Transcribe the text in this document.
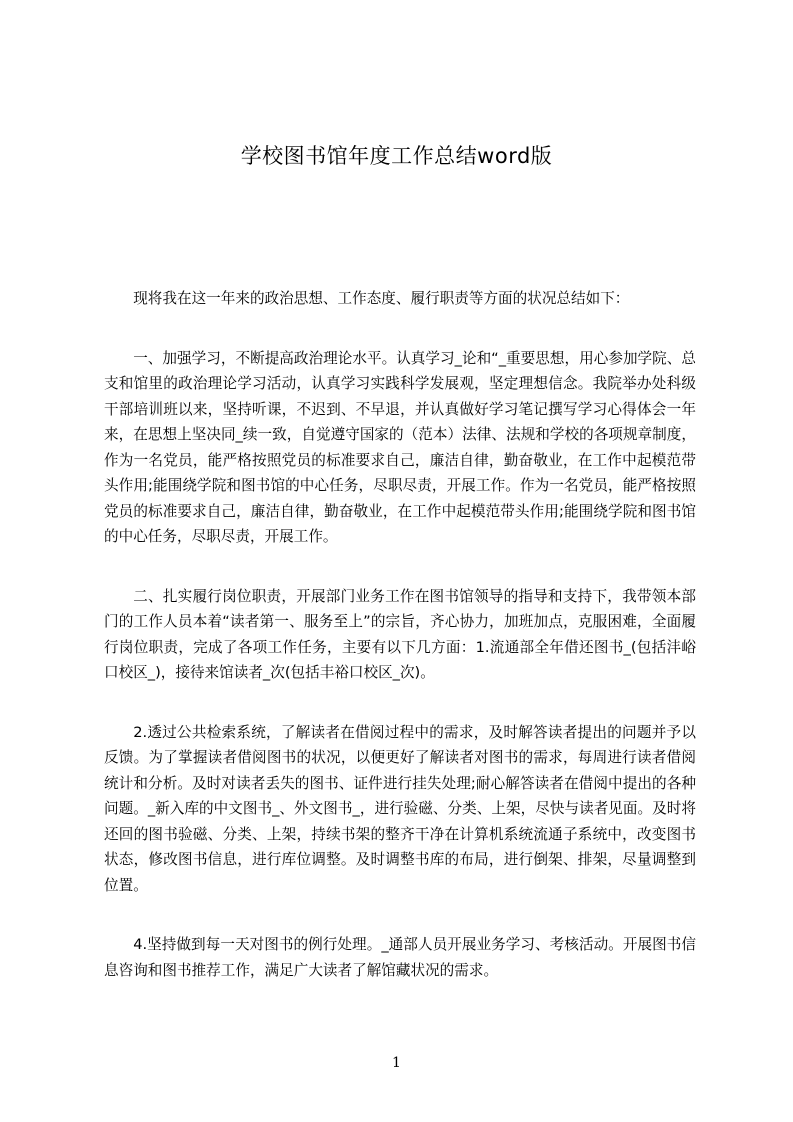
学校图书馆年度工作总结word版

现将我在这一年来的政治思想、工作态度、履行职责等方面的状况总结如下：

一、加强学习，不断提高政治理论水平。认真学习_论和“_重要思想，用心参加学院、总支和馆里的政治理论学习活动，认真学习实践科学发展观，坚定理想信念。我院举办处科级干部培训班以来，坚持听课，不迟到、不早退，并认真做好学习笔记撰写学习心得体会一年来，在思想上坚决同_续一致，自觉遵守国家的（范本）法律、法规和学校的各项规章制度，作为一名党员，能严格按照党员的标准要求自己，廉洁自律，勤奋敬业，在工作中起模范带头作用;能围绕学院和图书馆的中心任务，尽职尽责，开展工作。作为一名党员，能严格按照党员的标准要求自己，廉洁自律，勤奋敬业，在工作中起模范带头作用;能围绕学院和图书馆的中心任务，尽职尽责，开展工作。

二、扎实履行岗位职责，开展部门业务工作在图书馆领导的指导和支持下，我带领本部门的工作人员本着“读者第一、服务至上”的宗旨，齐心协力，加班加点，克服困难，全面履行岗位职责，完成了各项工作任务，主要有以下几方面：1.流通部全年借还图书_(包括沣峪口校区_)，接待来馆读者_次(包括丰裕口校区_次)。

2.透过公共检索系统，了解读者在借阅过程中的需求，及时解答读者提出的问题并予以反馈。为了掌握读者借阅图书的状况，以便更好了解读者对图书的需求，每周进行读者借阅统计和分析。及时对读者丢失的图书、证件进行挂失处理;耐心解答读者在借阅中提出的各种问题。_新入库的中文图书_、外文图书_，进行验磁、分类、上架，尽快与读者见面。及时将还回的图书验磁、分类、上架，持续书架的整齐干净在计算机系统流通子系统中，改变图书状态，修改图书信息，进行库位调整。及时调整书库的布局，进行倒架、排架，尽量调整到位置。

4.坚持做到每一天对图书的例行处理。_通部人员开展业务学习、考核活动。开展图书信息咨询和图书推荐工作，满足广大读者了解馆藏状况的需求。

1
